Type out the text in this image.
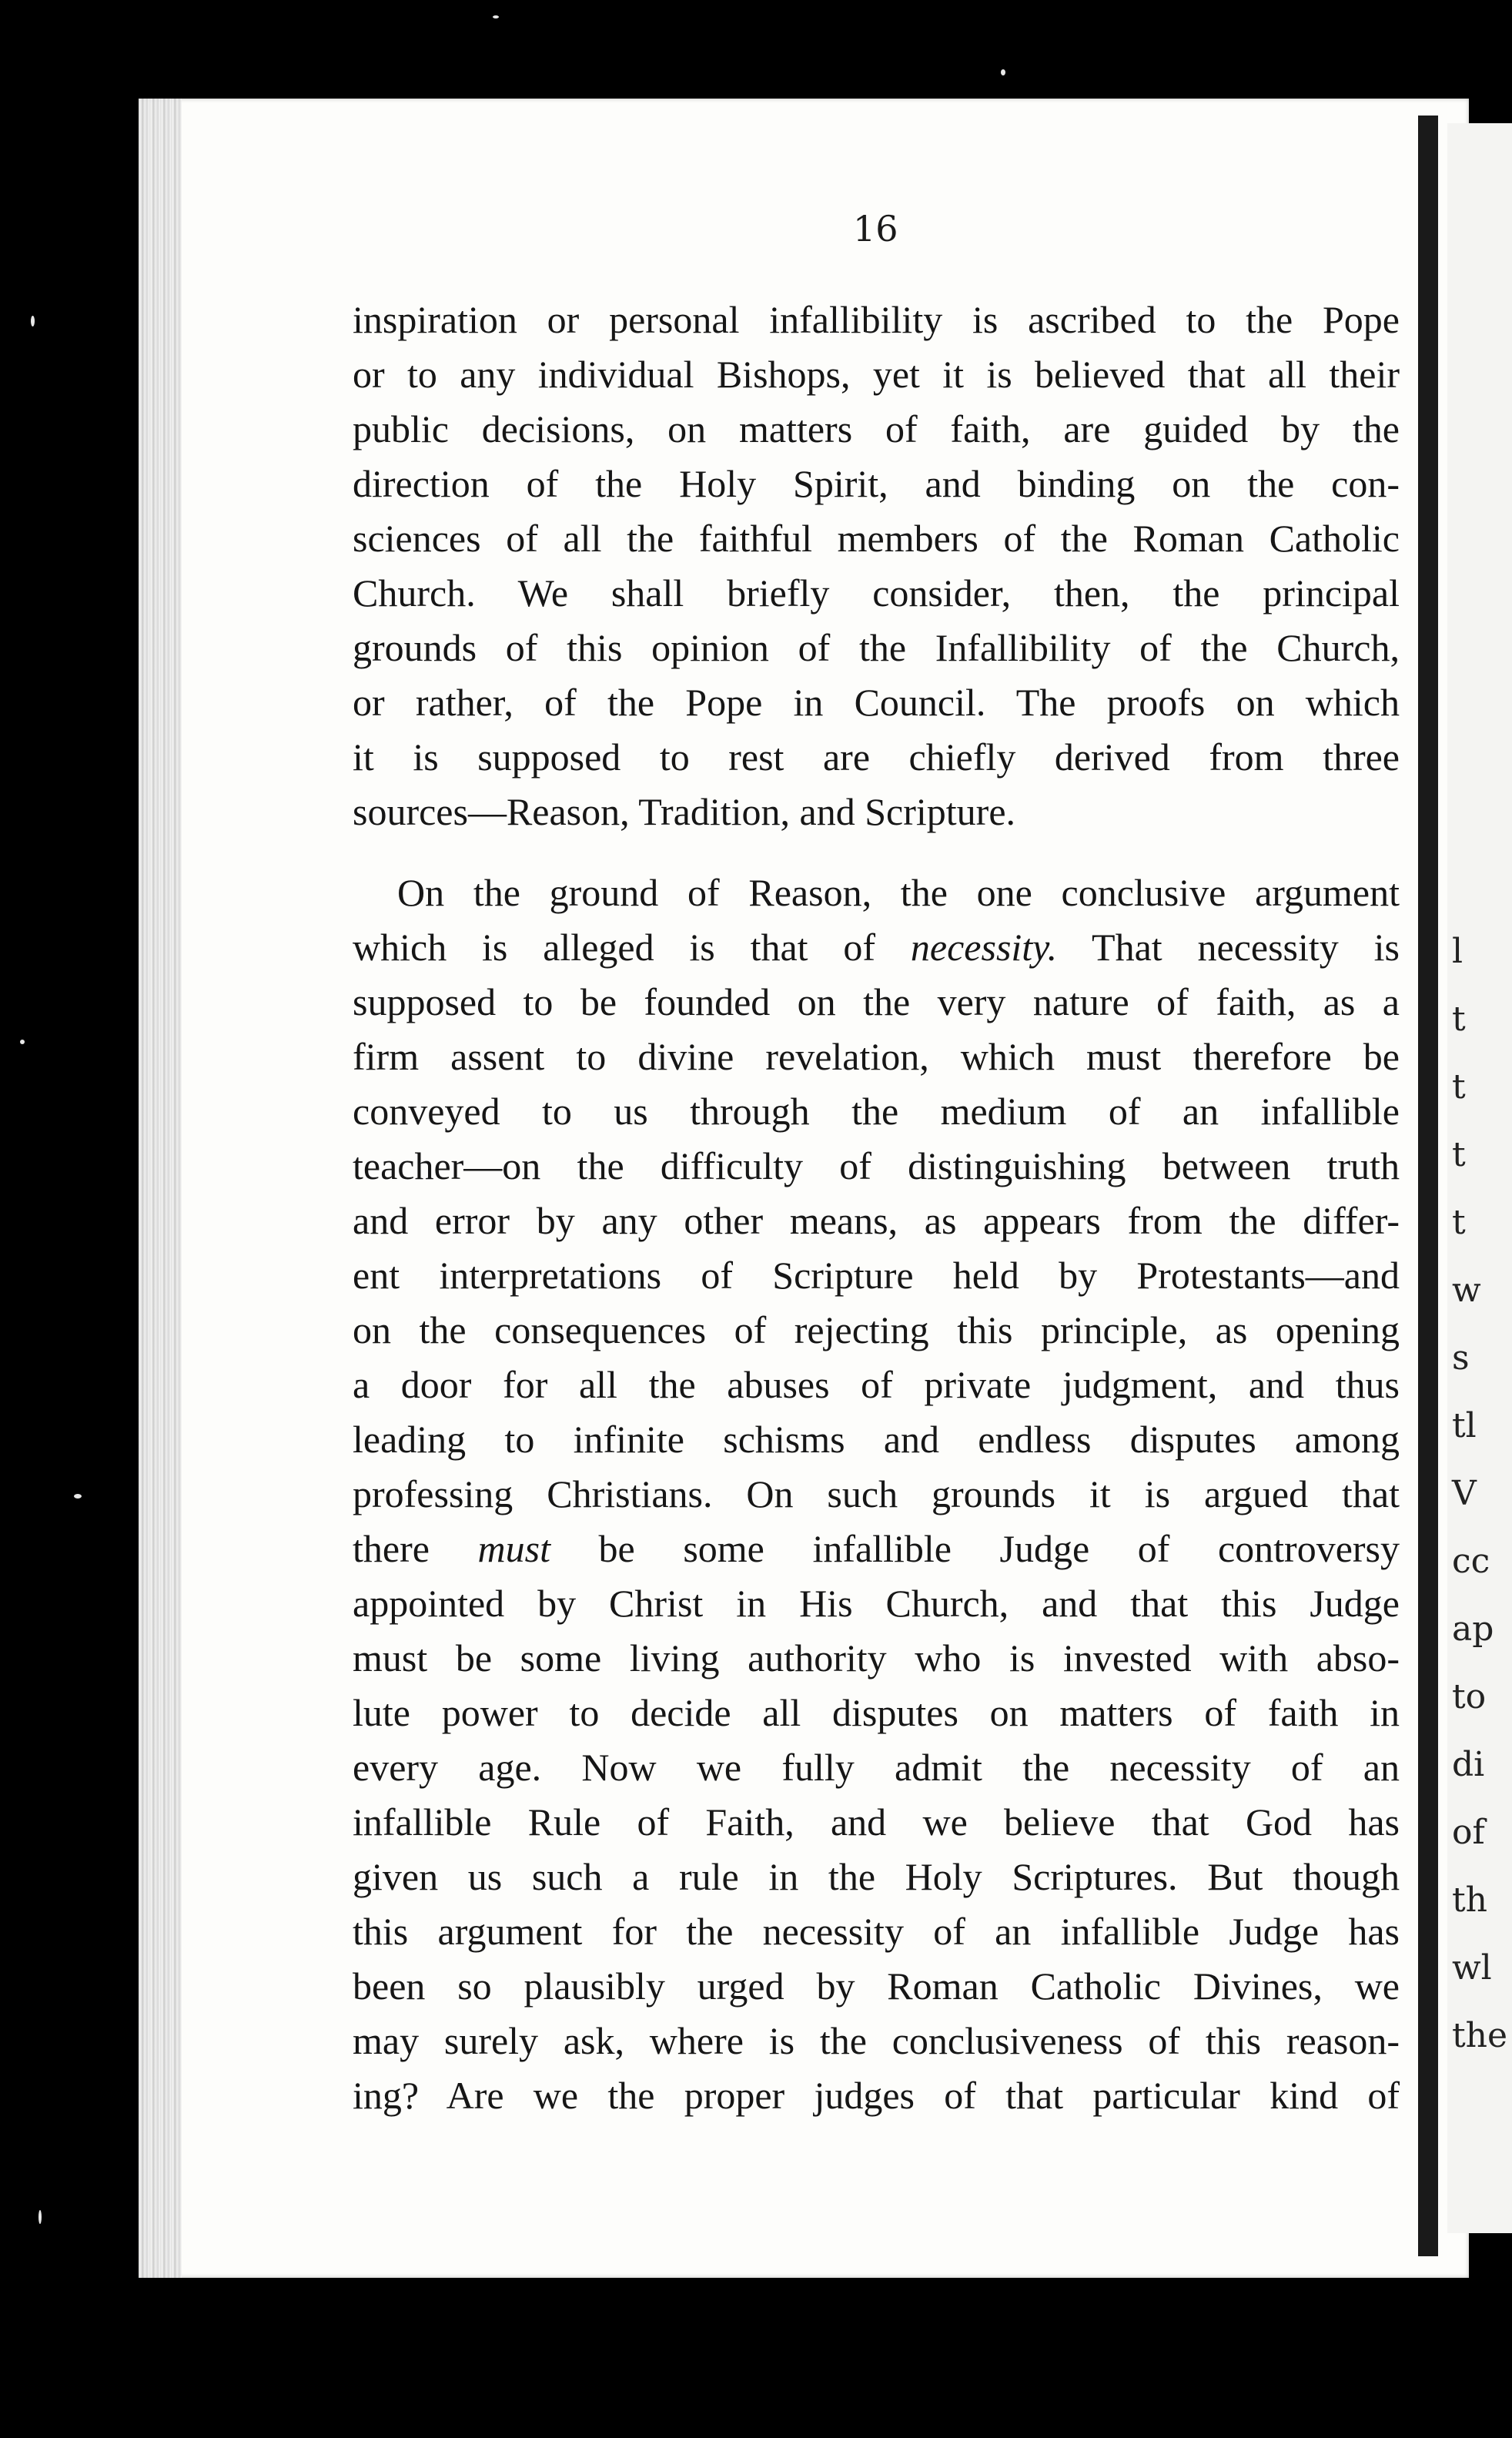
l
t
t
t
t
w
s
tl
V
cc
ap
to
di
of
th
wl
the
16
inspiration or personal infallibility is ascribed to the Pope
or to any individual Bishops, yet it is believed that all their
public decisions, on matters of faith, are guided by the
direction of the Holy Spirit, and binding on the con-
sciences of all the faithful members of the Roman Catholic
Church. We shall briefly consider, then, the principal
grounds of this opinion of the Infallibility of the Church,
or rather, of the Pope in Council. The proofs on which
it is supposed to rest are chiefly derived from three
sources—Reason, Tradition, and Scripture.
On the ground of Reason, the one conclusive argument
which is alleged is that of necessity. That necessity is
supposed to be founded on the very nature of faith, as a
firm assent to divine revelation, which must therefore be
conveyed to us through the medium of an infallible
teacher—on the difficulty of distinguishing between truth
and error by any other means, as appears from the differ-
ent interpretations of Scripture held by Protestants—and
on the consequences of rejecting this principle, as opening
a door for all the abuses of private judgment, and thus
leading to infinite schisms and endless disputes among
professing Christians. On such grounds it is argued that
there must be some infallible Judge of controversy
appointed by Christ in His Church, and that this Judge
must be some living authority who is invested with abso-
lute power to decide all disputes on matters of faith in
every age. Now we fully admit the necessity of an
infallible Rule of Faith, and we believe that God has
given us such a rule in the Holy Scriptures. But though
this argument for the necessity of an infallible Judge has
been so plausibly urged by Roman Catholic Divines, we
may surely ask, where is the conclusiveness of this reason-
ing? Are we the proper judges of that particular kind of
